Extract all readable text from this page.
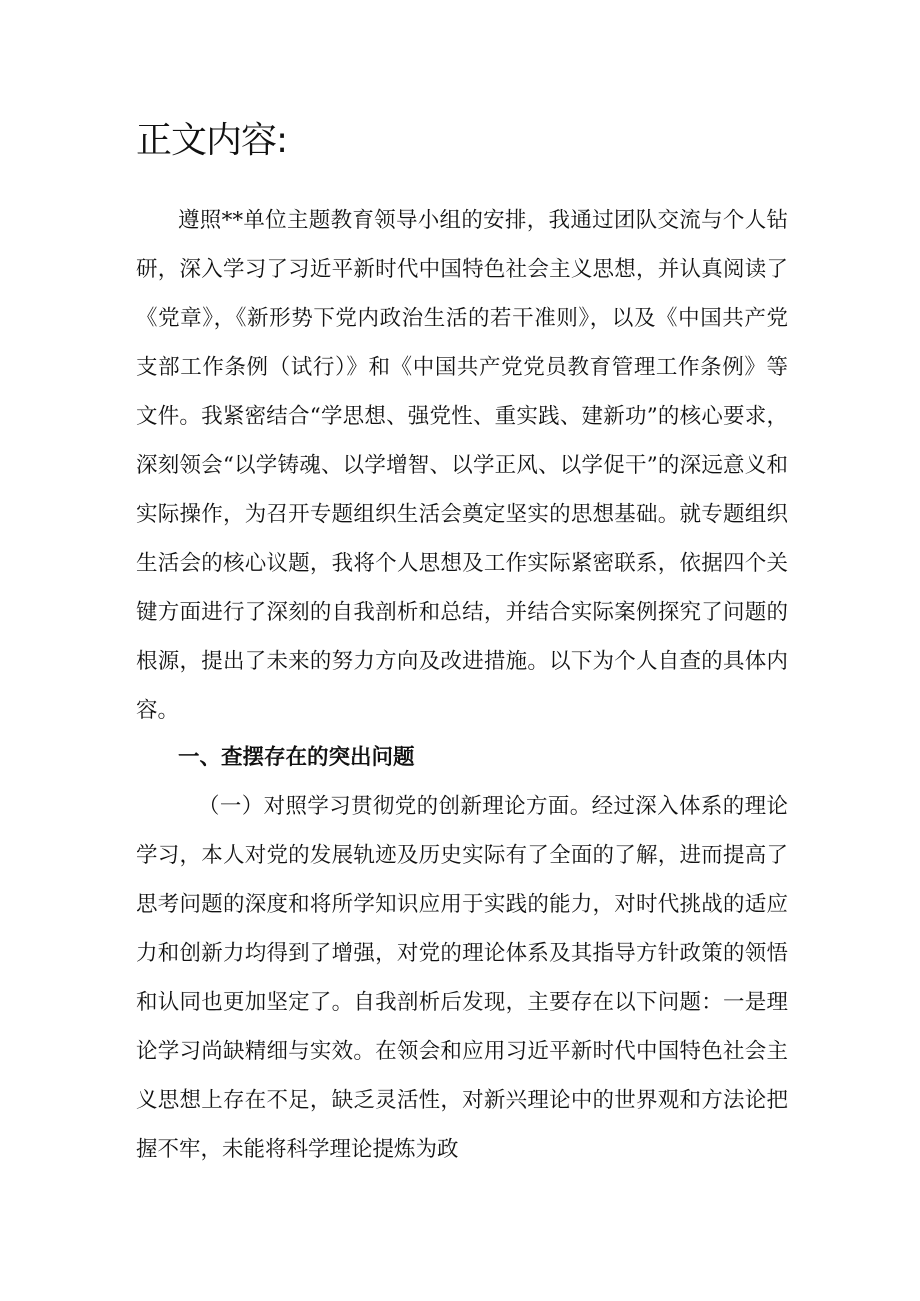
正文内容:

遵照**单位主题教育领导小组的安排，我通过团队交流与个人钻研，深入学习了习近平新时代中国特色社会主义思想，并认真阅读了《党章》，《新形势下党内政治生活的若干准则》，以及《中国共产党支部工作条例（试行）》和《中国共产党党员教育管理工作条例》等文件。我紧密结合“学思想、强党性、重实践、建新功”的核心要求，深刻领会“以学铸魂、以学增智、以学正风、以学促干”的深远意义和实际操作，为召开专题组织生活会奠定坚实的思想基础。就专题组织生活会的核心议题，我将个人思想及工作实际紧密联系，依据四个关键方面进行了深刻的自我剖析和总结，并结合实际案例探究了问题的根源，提出了未来的努力方向及改进措施。以下为个人自查的具体内容。

一、查摆存在的突出问题

（一）对照学习贯彻党的创新理论方面。经过深入体系的理论学习，本人对党的发展轨迹及历史实际有了全面的了解，进而提高了思考问题的深度和将所学知识应用于实践的能力，对时代挑战的适应力和创新力均得到了增强，对党的理论体系及其指导方针政策的领悟和认同也更加坚定了。自我剖析后发现，主要存在以下问题：一是理论学习尚缺精细与实效。在领会和应用习近平新时代中国特色社会主义思想上存在不足，缺乏灵活性，对新兴理论中的世界观和方法论把握不牢，未能将科学理论提炼为政
